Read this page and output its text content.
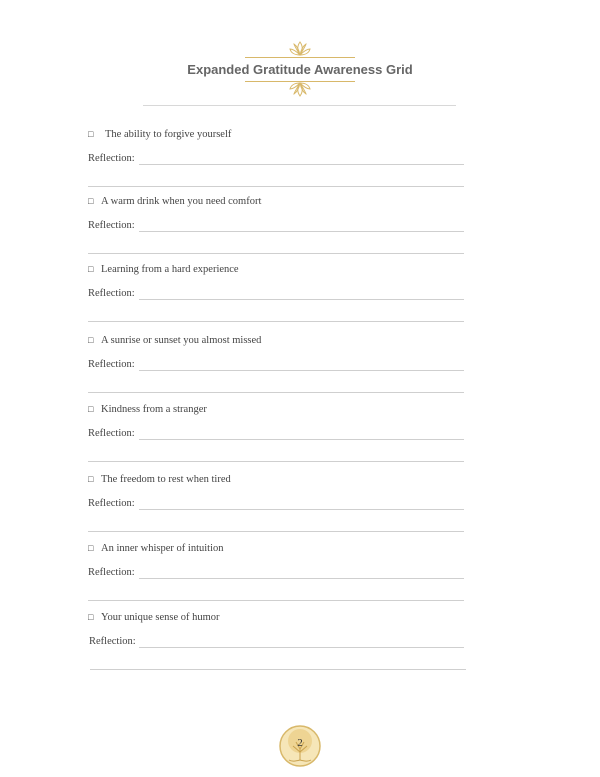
Expanded Gratitude Awareness Grid
□ The ability to forgive yourself
Reflection:
□ A warm drink when you need comfort
Reflection:
□ Learning from a hard experience
Reflection:
□ A sunrise or sunset you almost missed
Reflection:
□ Kindness from a stranger
Reflection:
□ The freedom to rest when tired
Reflection:
□ An inner whisper of intuition
Reflection:
□ Your unique sense of humor
Reflection:
2
